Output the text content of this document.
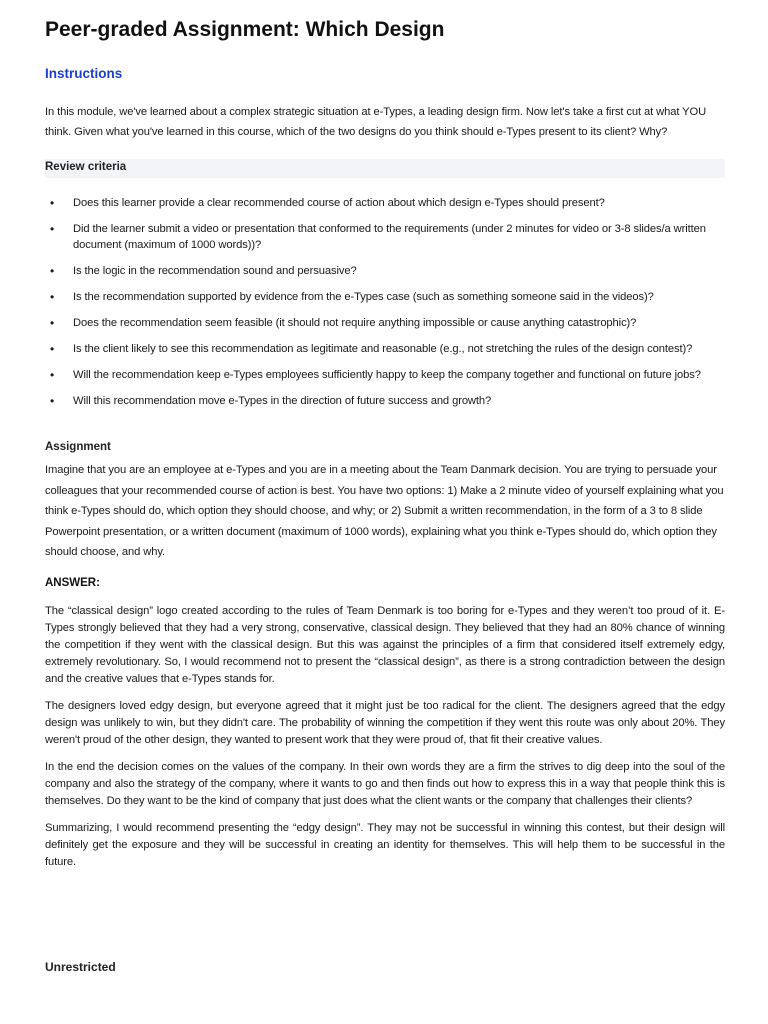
Peer-graded Assignment: Which Design
Instructions

In this module, we've learned about a complex strategic situation at e-Types, a leading design firm. Now let's take a first cut at what YOU think. Given what you've learned in this course, which of the two designs do you think should e-Types present to its client? Why?

Review criteria
• Does this learner provide a clear recommended course of action about which design e-Types should present?
• Did the learner submit a video or presentation that conformed to the requirements (under 2 minutes for video or 3-8 slides/a written document (maximum of 1000 words))?
• Is the logic in the recommendation sound and persuasive?
• Is the recommendation supported by evidence from the e-Types case (such as something someone said in the videos)?
• Does the recommendation seem feasible (it should not require anything impossible or cause anything catastrophic)?
• Is the client likely to see this recommendation as legitimate and reasonable (e.g., not stretching the rules of the design contest)?
• Will the recommendation keep e-Types employees sufficiently happy to keep the company together and functional on future jobs?
• Will this recommendation move e-Types in the direction of future success and growth?
Assignment

Imagine that you are an employee at e-Types and you are in a meeting about the Team Danmark decision. You are trying to persuade your colleagues that your recommended course of action is best. You have two options: 1) Make a 2 minute video of yourself explaining what you think e-Types should do, which option they should choose, and why; or 2) Submit a written recommendation, in the form of a 3 to 8 slide Powerpoint presentation, or a written document (maximum of 1000 words), explaining what you think e-Types should do, which option they should choose, and why.

ANSWER:

The “classical design” logo created according to the rules of Team Denmark is too boring for e-Types and they weren’t too proud of it. E-Types strongly believed that they had a very strong, conservative, classical design. They believed that they had an 80% chance of winning the competition if they went with the classical design. But this was against the principles of a firm that considered itself extremely edgy, extremely revolutionary. So, I would recommend not to present the “classical design”, as there is a strong contradiction between the design and the creative values that e-Types stands for.

The designers loved edgy design, but everyone agreed that it might just be too radical for the client. The designers agreed that the edgy design was unlikely to win, but they didn't care. The probability of winning the competition if they went this route was only about 20%. They weren't proud of the other design, they wanted to present work that they were proud of, that fit their creative values.

In the end the decision comes on the values of the company. In their own words they are a firm the strives to dig deep into the soul of the company and also the strategy of the company, where it wants to go and then finds out how to express this in a way that people think this is themselves. Do they want to be the kind of company that just does what the client wants or the company that challenges their clients?

Summarizing, I would recommend presenting the “edgy design”. They may not be successful in winning this contest, but their design will definitely get the exposure and they will be successful in creating an identity for themselves. This will help them to be successful in the future.

Unrestricted
